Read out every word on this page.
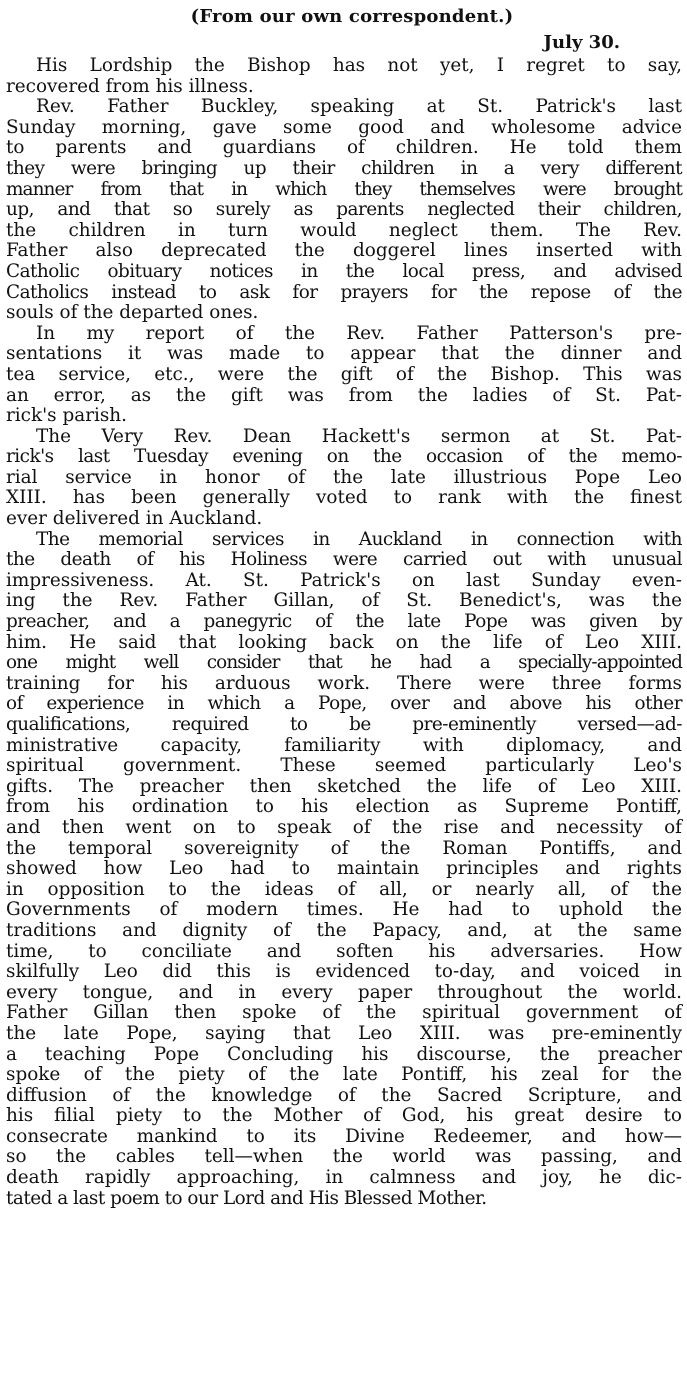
(From our own correspondent.)
July 30.
His Lordship the Bishop has not yet, I regret to say,
recovered from his illness.
Rev. Father Buckley, speaking at St. Patrick's last
Sunday morning, gave some good and wholesome advice
to parents and guardians of children. He told them
they were bringing up their children in a very different
manner from that in which they themselves were brought
up, and that so surely as parents neglected their children,
the children in turn would neglect them. The Rev.
Father also deprecated the doggerel lines inserted with
Catholic obituary notices in the local press, and advised
Catholics instead to ask for prayers for the repose of the
souls of the departed ones.
In my report of the Rev. Father Patterson's pre-
sentations it was made to appear that the dinner and
tea service, etc., were the gift of the Bishop. This was
an error, as the gift was from the ladies of St. Pat-
rick's parish.
The Very Rev. Dean Hackett's sermon at St. Pat-
rick's last Tuesday evening on the occasion of the memo-
rial service in honor of the late illustrious Pope Leo
XIII. has been generally voted to rank with the finest
ever delivered in Auckland.
The memorial services in Auckland in connection with
the death of his Holiness were carried out with unusual
impressiveness. At. St. Patrick's on last Sunday even-
ing the Rev. Father Gillan, of St. Benedict's, was the
preacher, and a panegyric of the late Pope was given by
him. He said that looking back on the life of Leo XIII.
one might well consider that he had a specially-appointed
training for his arduous work. There were three forms
of experience in which a Pope, over and above his other
qualifications, required to be pre-eminently versed—ad-
ministrative capacity, familiarity with diplomacy, and
spiritual government. These seemed particularly Leo's
gifts. The preacher then sketched the life of Leo XIII.
from his ordination to his election as Supreme Pontiff,
and then went on to speak of the rise and necessity of
the temporal sovereignity of the Roman Pontiffs, and
showed how Leo had to maintain principles and rights
in opposition to the ideas of all, or nearly all, of the
Governments of modern times. He had to uphold the
traditions and dignity of the Papacy, and, at the same
time, to conciliate and soften his adversaries. How
skilfully Leo did this is evidenced to-day, and voiced in
every tongue, and in every paper throughout the world.
Father Gillan then spoke of the spiritual government of
the late Pope, saying that Leo XIII. was pre-eminently
a teaching Pope Concluding his discourse, the preacher
spoke of the piety of the late Pontiff, his zeal for the
diffusion of the knowledge of the Sacred Scripture, and
his filial piety to the Mother of God, his great desire to
consecrate mankind to its Divine Redeemer, and how—
so the cables tell—when the world was passing, and
death rapidly approaching, in calmness and joy, he dic-
tated a last poem to our Lord and His Blessed Mother.
